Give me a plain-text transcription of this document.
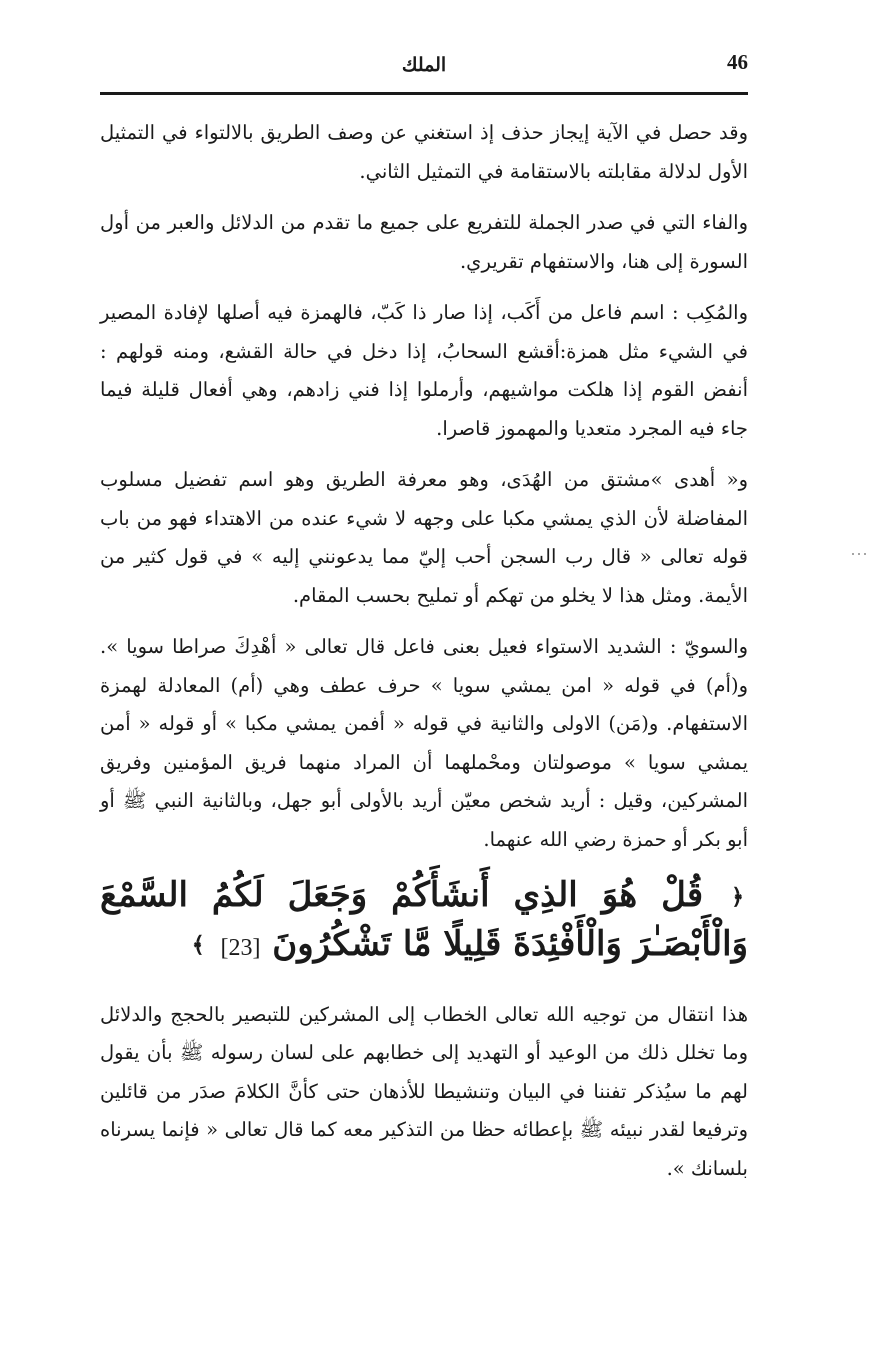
46
الملك

وقد حصل في الآية إيجاز حذف إذ استغني عن وصف الطريق بالالتواء في التمثيل الأول لدلالة مقابلته بالاستقامة في التمثيل الثاني.

والفاء التي في صدر الجملة للتفريع على جميع ما تقدم من الدلائل والعبر من أول السورة إلى هنا، والاستفهام تقريري.

والمُكِب : اسم فاعل من أَكَب، إذا صار ذا كَبّ، فالهمزة فيه أصلها لإفادة المصير في الشيء مثل همزة:أقشع السحابُ، إذا دخل في حالة القشع، ومنه قولهم : أنفض القوم إذا هلكت مواشيهم، وأرملوا إذا فني زادهم، وهي أفعال قليلة فيما جاء فيه المجرد متعديا والمهموز قاصرا.

و« أهدى »مشتق من الهُدَى، وهو معرفة الطريق وهو اسم تفضيل مسلوب المفاضلة لأن الذي يمشي مكبا على وجهه لا شيء عنده من الاهتداء فهو من باب قوله تعالى « قال رب السجن أحب إليّ مما يدعونني إليه » في قول كثير من الأيمة. ومثل هذا لا يخلو من تهكم أو تمليح بحسب المقام.

والسويّ : الشديد الاستواء فعيل بعنى فاعل قال تعالى « أهْدِكَ صراطا سويا ». و(أم) في قوله « امن يمشي سويا » حرف عطف وهي (أم) المعادلة لهمزة الاستفهام. و(مَن) الاولى والثانية في قوله « أفمن يمشي مكبا » أو قوله « أمن يمشي سويا » موصولتان ومحْملهما أن المراد منهما فريق المؤمنين وفريق المشركين، وقيل : أريد شخص معيّن أريد بالأولى أبو جهل، وبالثانية النبي ﷺ أو أبو بكر أو حمزة رضي الله عنهما.

﴿ قُلْ هُوَ الذِي أَنشَأَكُمْ وَجَعَلَ لَكُمُ السَّمْعَ وَالْأَبْصَـٰرَ وَالْأَفْئِدَةَ قَلِيلًا مَّا تَشْكُرُونَ [23] ﴾

هذا انتقال من توجيه الله تعالى الخطاب إلى المشركين للتبصير بالحجج والدلائل وما تخلل ذلك من الوعيد أو التهديد إلى خطابهم على لسان رسوله ﷺ بأن يقول لهم ما سيُذكر تفننا في البيان وتنشيطا للأذهان حتى كأنَّ الكلامَ صدَر من قائلين وترفيعا لقدر نبيئه ﷺ بإعطائه حظا من التذكير معه كما قال تعالى « فإنما يسرناه بلسانك ».
